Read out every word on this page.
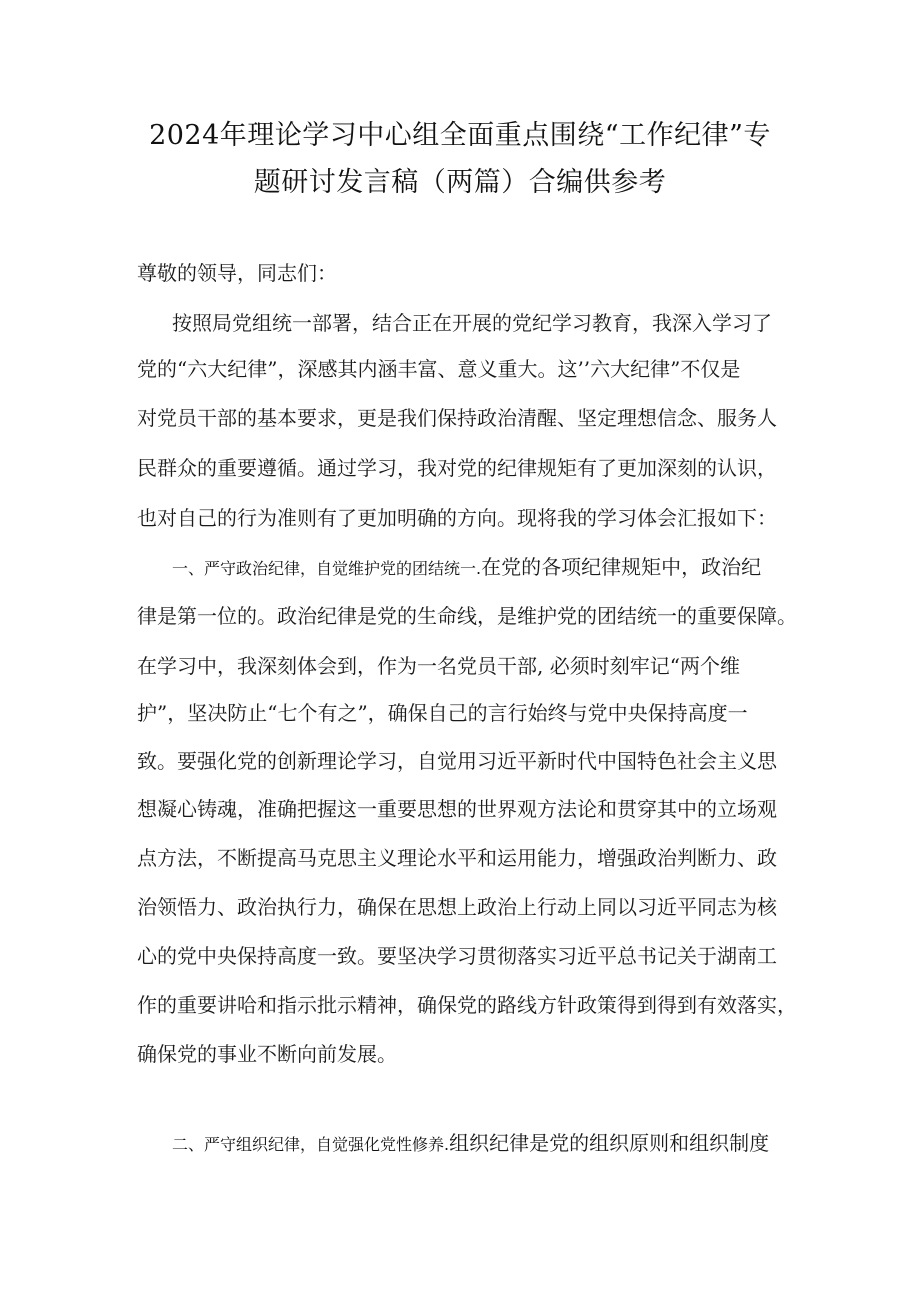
2024年理论学习中心组全面重点围绕“工作纪律”专
题研讨发言稿（两篇）合编供参考

尊敬的领导，同志们：

按照局党组统一部署，结合正在开展的党纪学习教育，我深入学习了

党的“六大纪律”，深感其内涵丰富、意义重大。这’’六大纪律”不仅是

对党员干部的基本要求，更是我们保持政治清醒、坚定理想信念、服务人

民群众的重要遵循。通过学习，我对党的纪律规矩有了更加深刻的认识，

也对自己的行为准则有了更加明确的方向。现将我的学习体会汇报如下：

一、严守政治纪律，自觉维护党的团结统一.在党的各项纪律规矩中，政治纪

律是第一位的。政治纪律是党的生命线，是维护党的团结统一的重要保障。

在学习中，我深刻体会到，作为一名党员干部, 必须时刻牢记“两个维

护”，坚决防止“七个有之”，确保自己的言行始终与党中央保持高度一

致。要强化党的创新理论学习，自觉用习近平新时代中国特色社会主义思

想凝心铸魂，准确把握这一重要思想的世界观方法论和贯穿其中的立场观

点方法，不断提高马克思主义理论水平和运用能力，增强政治判断力、政

治领悟力、政治执行力，确保在思想上政治上行动上同以习近平同志为核

心的党中央保持高度一致。要坚决学习贯彻落实习近平总书记关于湖南工

作的重要讲哈和指示批示精神，确保党的路线方针政策得到得到有效落实，

确保党的事业不断向前发展。

二、严守组织纪律，自觉强化党性修养.组织纪律是党的组织原则和组织制度
